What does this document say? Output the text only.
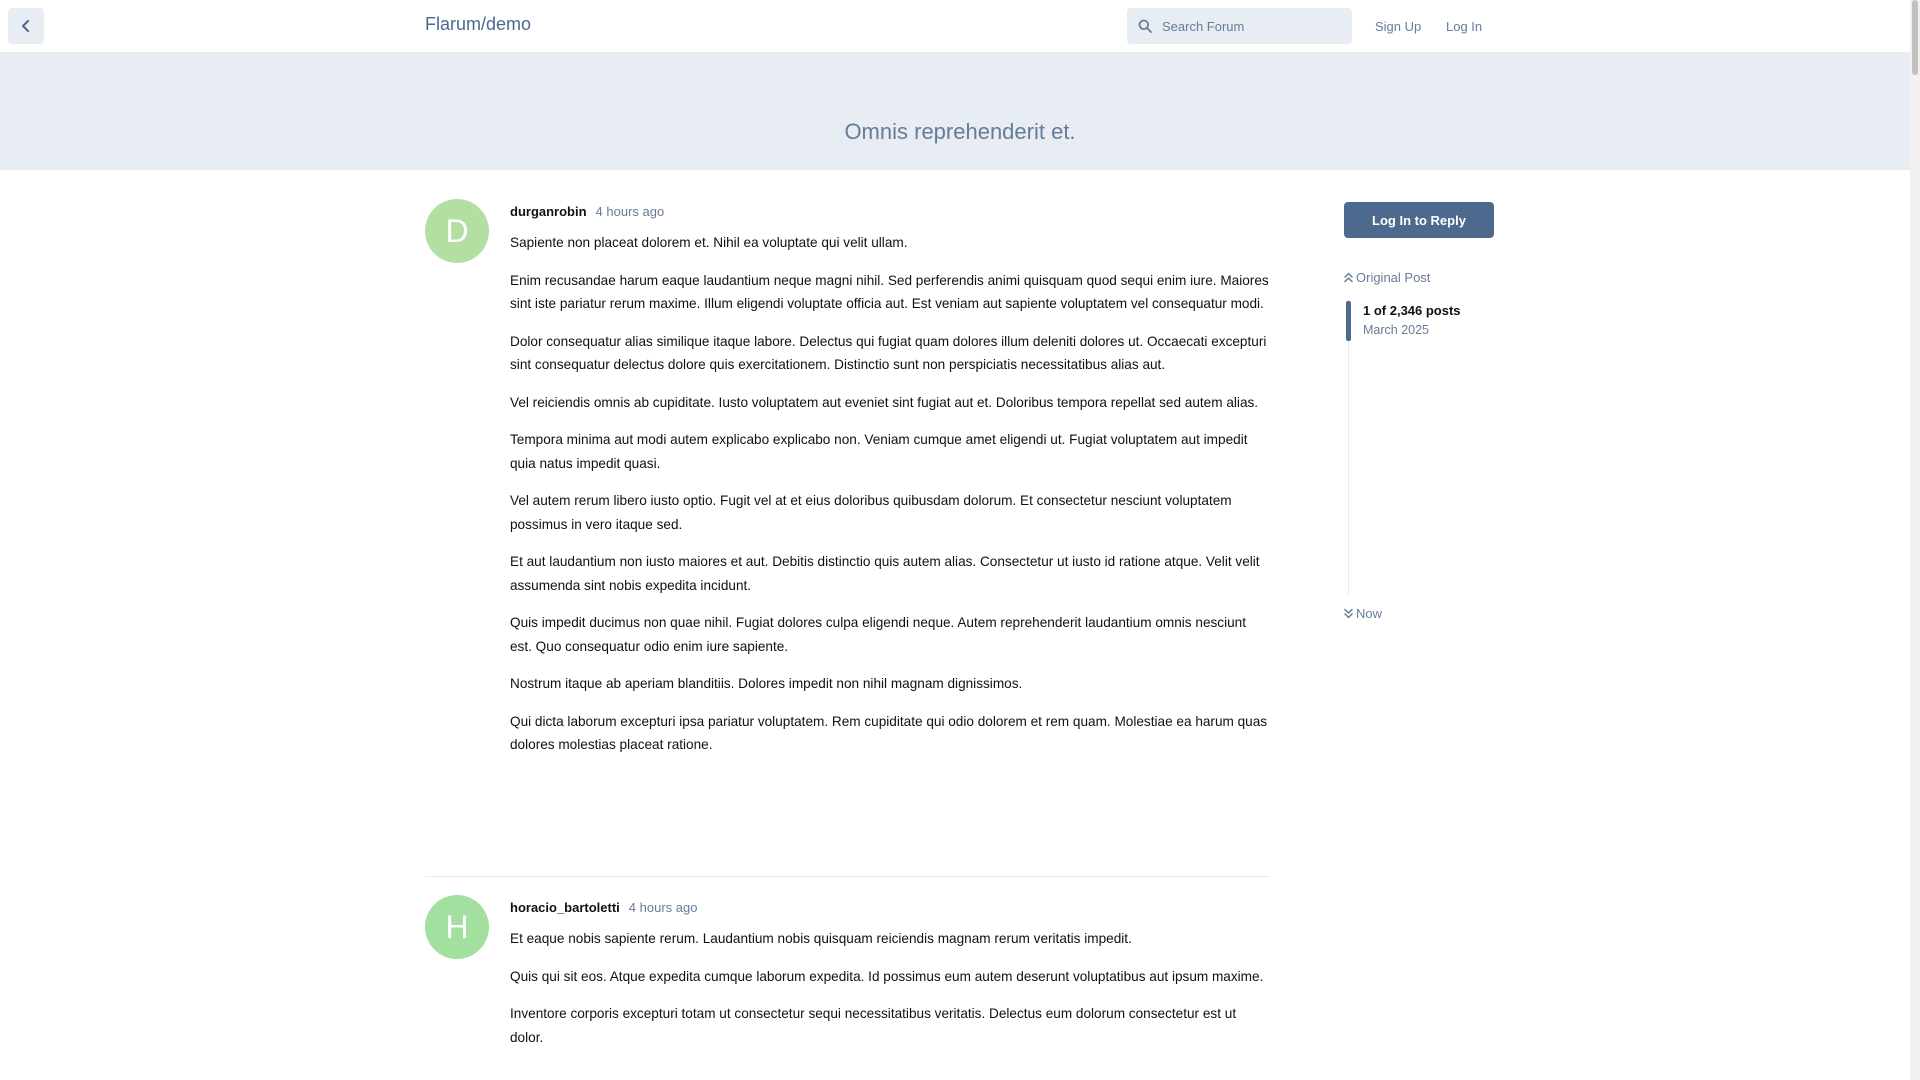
Flarum/demo
Search Forum	Sign Up Log In
Omnis reprehenderit et.
D
durganrobin 4 hours ago

Sapiente non placeat dolorem et. Nihil ea voluptate qui velit ullam.

Enim recusandae harum eaque laudantium neque magni nihil. Sed perferendis animi quisquam quod sequi enim iure. Maiores sint iste pariatur rerum maxime. Illum eligendi voluptate officia aut. Est veniam aut sapiente voluptatem vel consequatur modi.

Dolor consequatur alias similique itaque labore. Delectus qui fugiat quam dolores illum deleniti dolores ut. Occaecati excepturi sint consequatur delectus dolore quis exercitationem. Distinctio sunt non perspiciatis necessitatibus alias aut.

Vel reiciendis omnis ab cupiditate. Iusto voluptatem aut eveniet sint fugiat aut et. Doloribus tempora repellat sed autem alias.

Tempora minima aut modi autem explicabo explicabo non. Veniam cumque amet eligendi ut. Fugiat voluptatem aut impedit quia natus impedit quasi.

Vel autem rerum libero iusto optio. Fugit vel at et eius doloribus quibusdam dolorum. Et consectetur nesciunt voluptatem possimus in vero itaque sed.

Et aut laudantium non iusto maiores et aut. Debitis distinctio quis autem alias. Consectetur ut iusto id ratione atque. Velit velit assumenda sint nobis expedita incidunt.

Quis impedit ducimus non quae nihil. Fugiat dolores culpa eligendi neque. Autem reprehenderit laudantium omnis nesciunt est. Quo consequatur odio enim iure sapiente.

Nostrum itaque ab aperiam blanditiis. Dolores impedit non nihil magnam dignissimos.

Qui dicta laborum excepturi ipsa pariatur voluptatem. Rem cupiditate qui odio dolorem et rem quam. Molestiae ea harum quas dolores molestias placeat ratione.

H
horacio_bartoletti 4 hours ago

Et eaque nobis sapiente rerum. Laudantium nobis quisquam reiciendis magnam rerum veritatis impedit.

Quis qui sit eos. Atque expedita cumque laborum expedita. Id possimus eum autem deserunt voluptatibus aut ipsum maxime.

Inventore corporis excepturi totam ut consectetur sequi necessitatibus veritatis. Delectus eum dolorum consectetur est ut dolor.

Log In to Reply
Original Post
1 of 2,346 posts
March 2025
Now
